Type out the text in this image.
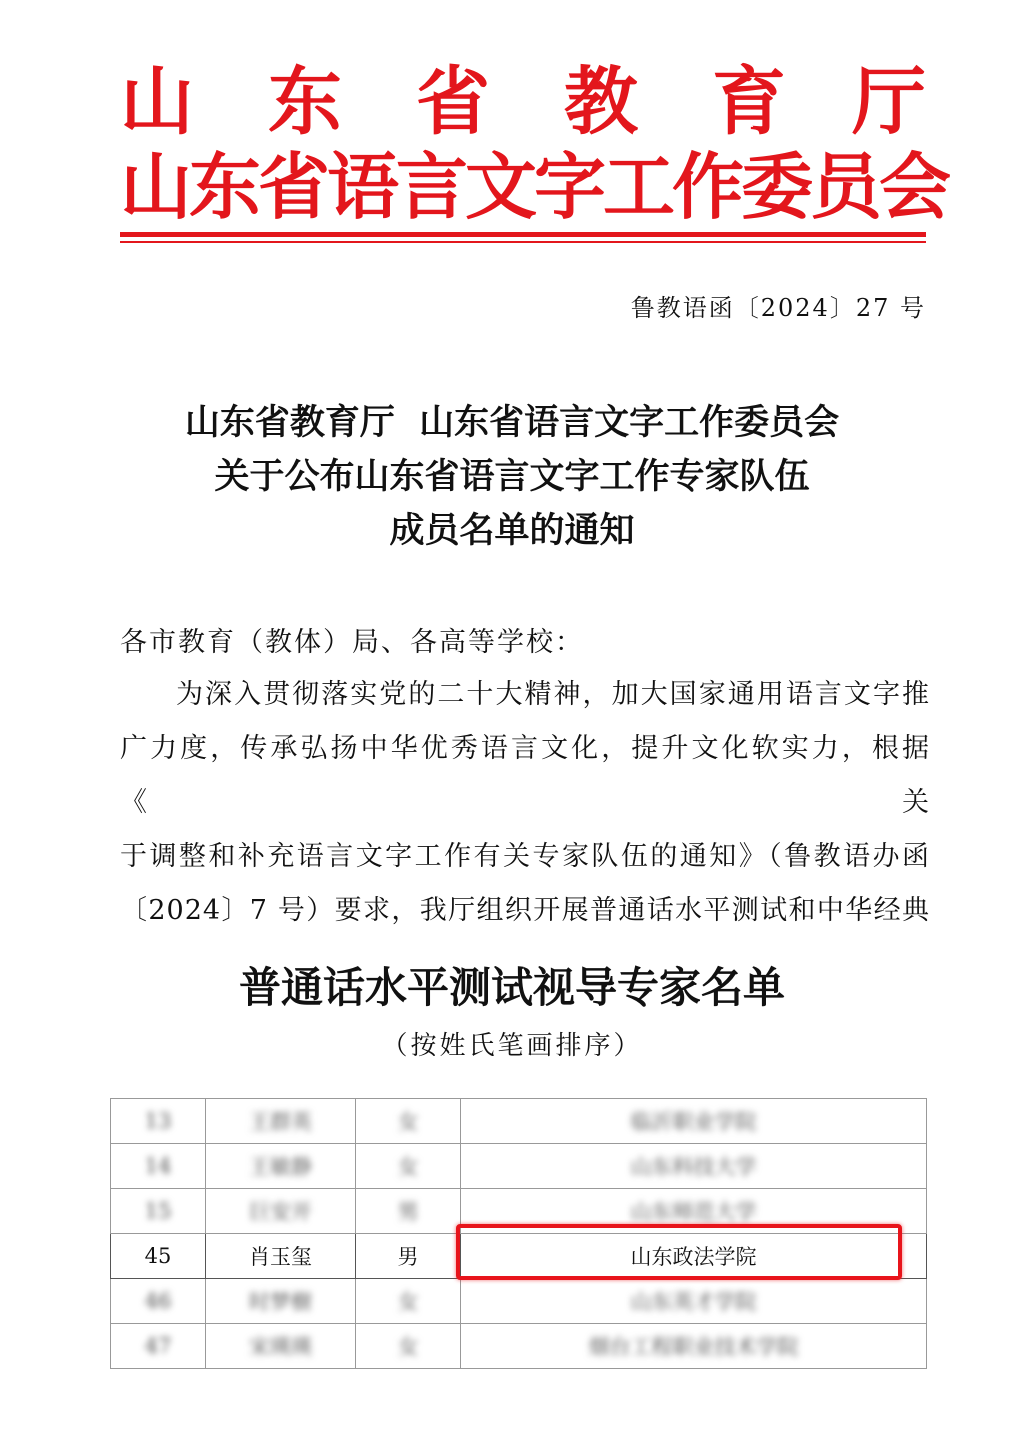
山 东 省 教 育 厅
山东省语言文字工作委员会
鲁教语函〔2024〕27 号
山东省教育厅  山东省语言文字工作委员会
关于公布山东省语言文字工作专家队伍
成员名单的通知
各市教育（教体）局、各高等学校：

为深入贯彻落实党的二十大精神，加大国家通用语言文字推

广力度，传承弘扬中华优秀语言文化，提升文化软实力，根据《关

于调整和补充语言文字工作有关专家队伍的通知》（鲁教语办函

〔2024〕7 号）要求，我厅组织开展普通话水平测试和中华经典

普通话水平测试视导专家名单
（按姓氏笔画排序）
13	王群英	女	临沂职业学院
14	王敏静	女	山东科技大学
15	巨安开	男	山东师范大学
45	肖玉玺	男	山东政法学院
46	时梦樹	女	山东英才学院
47	宋瑛瑛	女	烟台工程职业技术学院
